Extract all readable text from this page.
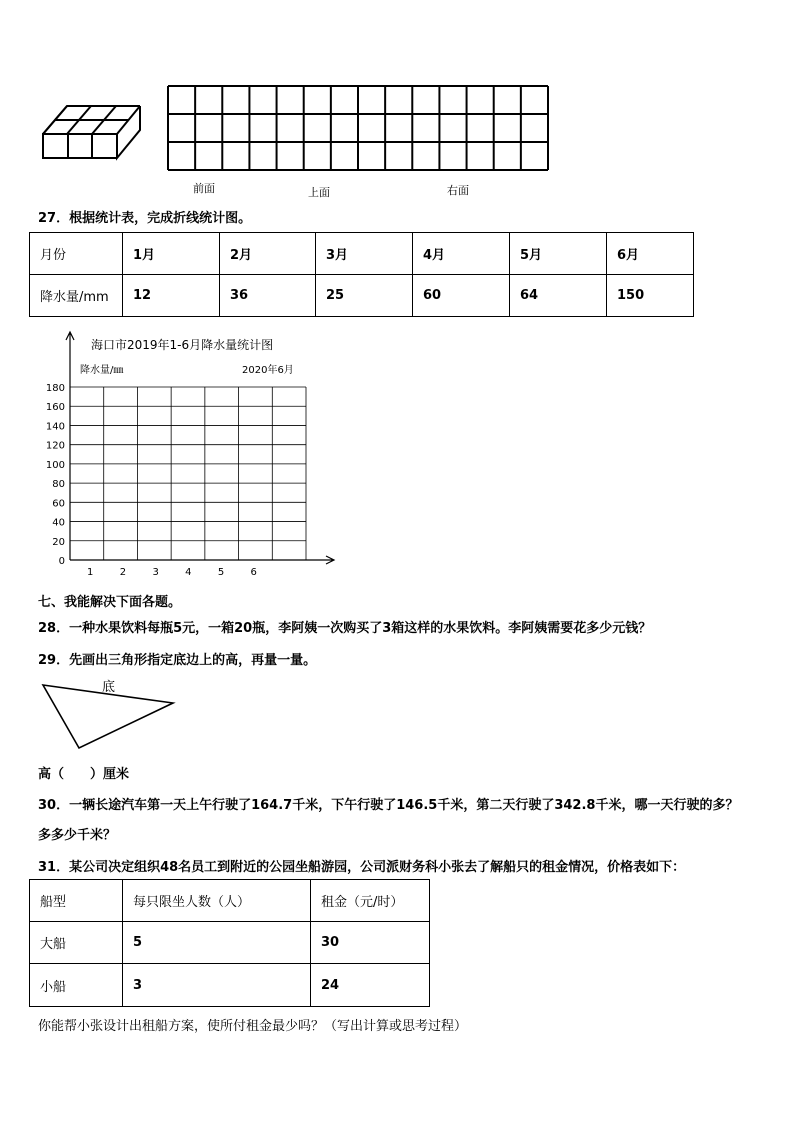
前面	上面	右面
27．根据统计表，完成折线统计图。
月份	1月	2月	3月	4月	5月	6月
降水量/mm	12	36	25	60	64	150
海口市2019年1-6月降水量统计图
降水量/㎜	2020年6月
0
20
40
60
80
100
120
140
160
180
1	2	3	4	5	6
七、我能解决下面各题。
28．一种水果饮料每瓶5元，一箱20瓶，李阿姨一次购买了3箱这样的水果饮料。李阿姨需要花多少元钱？
29．先画出三角形指定底边上的高，再量一量。
底
高（　　）厘米
30．一辆长途汽车第一天上午行驶了164.7千米，下午行驶了146.5千米，第二天行驶了342.8千米，哪一天行驶的多？
多多少千米？
31．某公司决定组织48名员工到附近的公园坐船游园，公司派财务科小张去了解船只的租金情况，价格表如下：
船型	每只限坐人数（人）	租金（元/时）
大船	5	30
小船	3	24
你能帮小张设计出租船方案，使所付租金最少吗？（写出计算或思考过程）
